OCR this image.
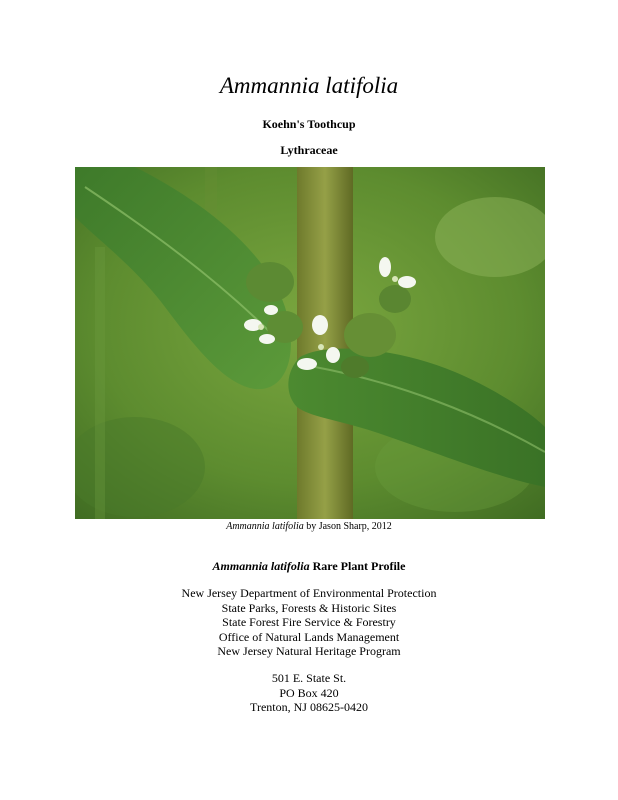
Ammannia latifolia
Koehn's Toothcup
Lythraceae
Ammannia latifolia by Jason Sharp, 2012
Ammannia latifolia Rare Plant Profile
New Jersey Department of Environmental Protection
State Parks, Forests & Historic Sites
State Forest Fire Service & Forestry
Office of Natural Lands Management
New Jersey Natural Heritage Program
501 E. State St.
PO Box 420
Trenton, NJ 08625-0420
